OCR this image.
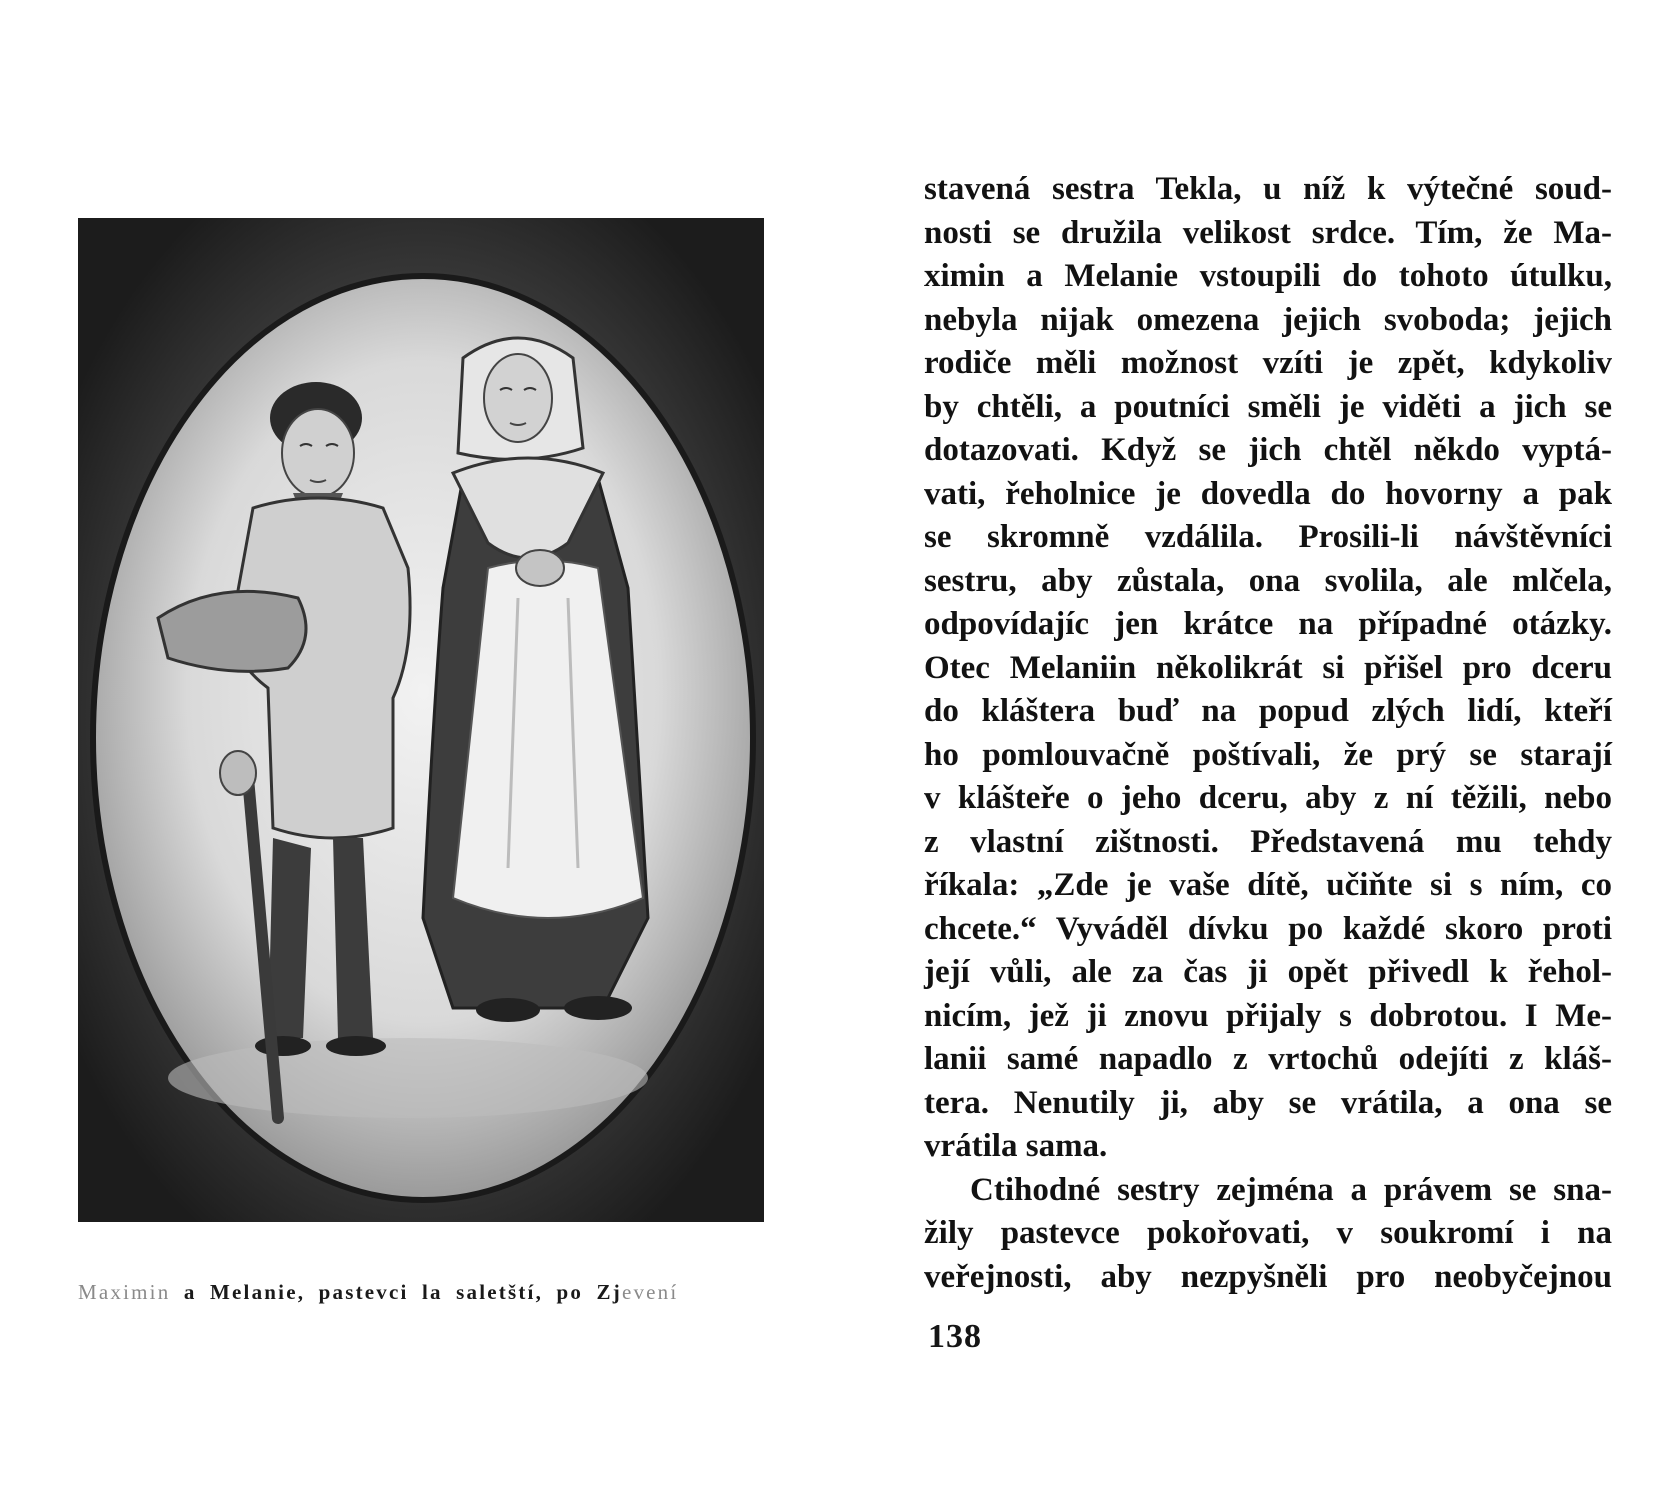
Maximin a Melanie, pastevci la saletští, po Zjevení
stavená sestra Tekla, u níž k výtečné soud-
nosti se družila velikost srdce. Tím, že Ma-
ximin a Melanie vstoupili do tohoto útulku,
nebyla nijak omezena jejich svoboda; jejich
rodiče měli možnost vzíti je zpět, kdykoliv
by chtěli, a poutníci směli je viděti a jich se
dotazovati. Když se jich chtěl někdo vyptá-
vati, řeholnice je dovedla do hovorny a pak
se skromně vzdálila. Prosili-li návštěvníci
sestru, aby zůstala, ona svolila, ale mlčela,
odpovídajíc jen krátce na případné otázky.
Otec Melaniin několikrát si přišel pro dceru
do kláštera buď na popud zlých lidí, kteří
ho pomlouvačně poštívali, že prý se starají
v klášteře o jeho dceru, aby z ní těžili, nebo
z vlastní zištnosti. Představená mu tehdy
říkala: „Zde je vaše dítě, učiňte si s ním, co
chcete.“ Vyváděl dívku po každé skoro proti
její vůli, ale za čas ji opět přivedl k řehol-
nicím, jež ji znovu přijaly s dobrotou. I Me-
lanii samé napadlo z vrtochů odejíti z kláš-
tera. Nenutily ji, aby se vrátila, a ona se
vrátila sama.
Ctihodné sestry zejména a právem se sna-
žily pastevce pokořovati, v soukromí i na
veřejnosti, aby nezpyšněli pro neobyčejnou
138
